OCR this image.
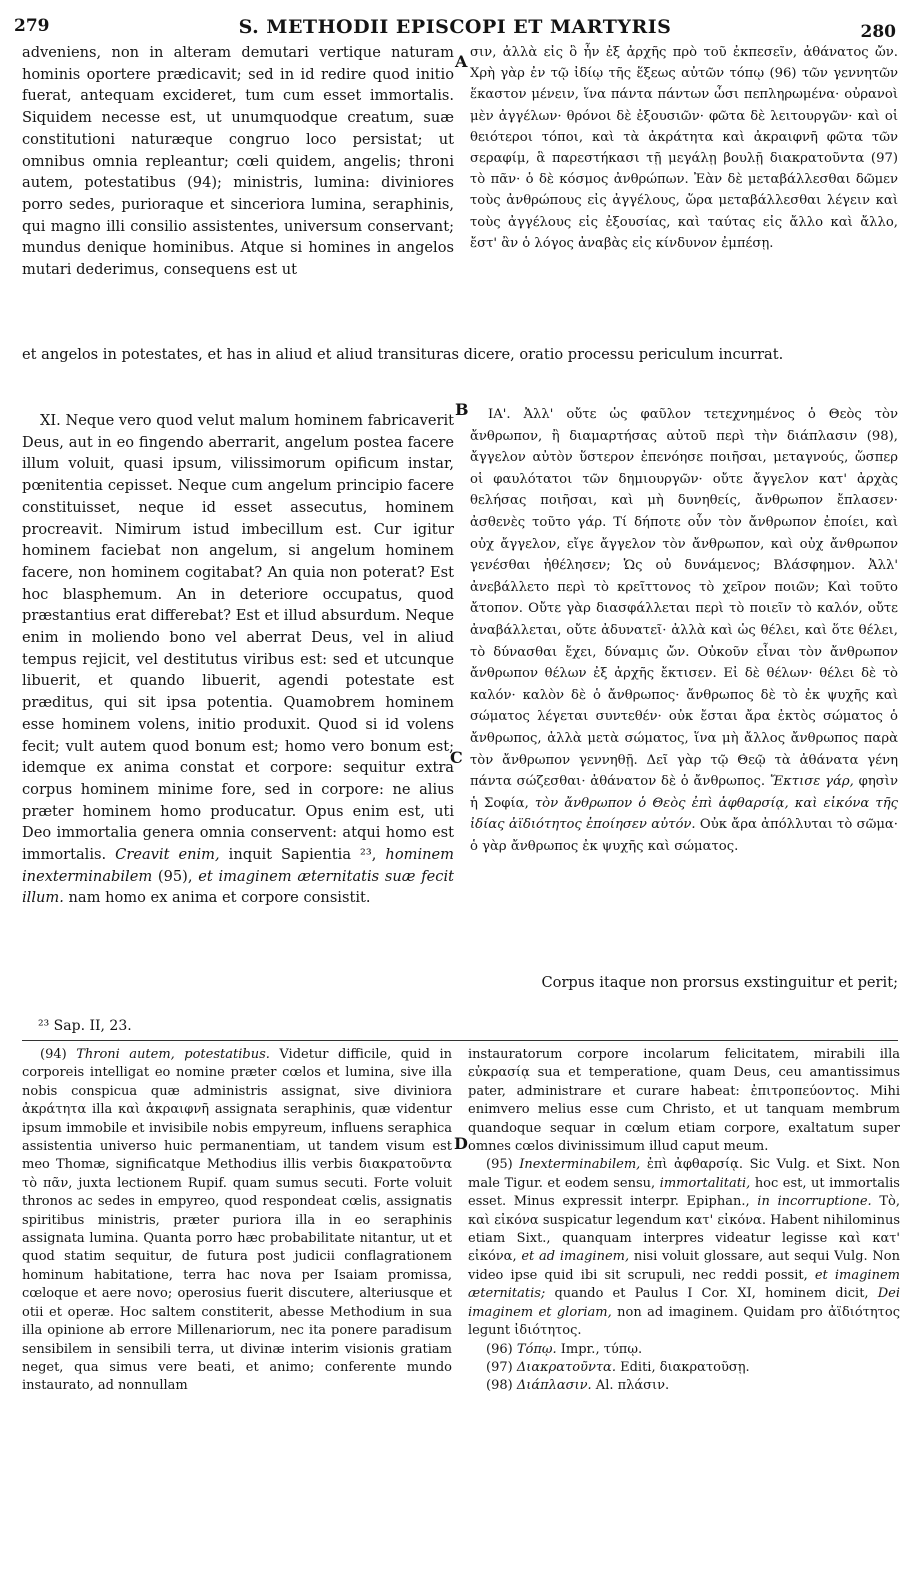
279	S. METHODII EPISCOPI ET MARTYRIS	280

adveniens, non in alteram demutari vertique naturam hominis oportere prædicavit; sed in id redire quod initio fuerat, antequam excideret, tum cum esset immortalis. Siquidem necesse est, ut unumquodque creatum, suæ constitutioni naturæque congruo loco persistat; ut omnibus omnia repleantur; cœli quidem, angelis; throni autem, potestatibus (94); ministris, lumina: diviniores porro sedes, purioraque et sinceriora lumina, seraphinis, qui magno illi consilio assistentes, universum conservant; mundus denique hominibus. Atque si homines in angelos mutari dederimus, consequens est ut

A σιν, ἀλλὰ εἰς ὃ ἦν ἐξ ἀρχῆς πρὸ τοῦ ἐκπεσεῖν, ἀθάνατος ὤν. Χρὴ γὰρ ἐν τῷ ἰδίῳ τῆς ἕξεως αὐτῶν τόπῳ (96) τῶν γεννητῶν ἕκαστον μένειν, ἵνα πάντα πάντων ὦσι πεπληρωμένα· οὐρανοὶ μὲν ἀγγέλων· θρόνοι δὲ ἐξουσιῶν· φῶτα δὲ λειτουργῶν· καὶ οἱ θειότεροι τόποι, καὶ τὰ ἀκράτητα καὶ ἀκραιφνῆ φῶτα τῶν σεραφίμ, ἃ παρεστήκασι τῇ μεγάλῃ βουλῇ διακρατοῦντα (97) τὸ πᾶν· ὁ δὲ κόσμος ἀνθρώπων. Ἐὰν δὲ μεταβάλλεσθαι δῶμεν τοὺς ἀνθρώπους εἰς ἀγγέλους, ὥρα μεταβάλλεσθαι λέγειν καὶ τοὺς ἀγγέλους εἰς ἐξουσίας, καὶ ταύτας εἰς ἄλλο καὶ ἄλλο, ἔστ' ἂν ὁ λόγος ἀναβὰς εἰς κίνδυνον ἐμπέσῃ.

et angelos in potestates, et has in aliud et aliud transituras dicere, oratio processu periculum incurrat.

XI. Neque vero quod velut malum hominem fabricaverit Deus, aut in eo fingendo aberrarit, angelum postea facere illum voluit, quasi ipsum, vilissimorum opificum instar, pœnitentia cepisset. Neque cum angelum principio facere constituisset, neque id esset assecutus, hominem procreavit. Nimirum istud imbecillum est. Cur igitur hominem faciebat non angelum, si angelum hominem facere, non hominem cogitabat? An quia non poterat? Est hoc blasphemum. An in deteriore occupatus, quod præstantius erat differebat? Est et illud absurdum. Neque enim in moliendo bono vel aberrat Deus, vel in aliud tempus rejicit, vel destitutus viribus est: sed et utcunque libuerit, et quando libuerit, agendi potestate est præditus, qui sit ipsa potentia. Quamobrem hominem esse hominem volens, initio produxit. Quod si id volens fecit; vult autem quod bonum est; homo vero bonum est; idemque ex anima constat et corpore: sequitur extra corpus hominem minime fore, sed in corpore: ne alius præter hominem homo producatur. Opus enim est, uti Deo immortalia genera omnia conservent: atqui homo est immortalis. Creavit enim, inquit Sapientia ²³, hominem inexterminabilem (95), et imaginem æternitatis suæ fecit illum. nam homo ex anima et corpore consistit.

B
C

ΙΑ'. Ἀλλ' οὔτε ὡς φαῦλον τετεχνημένος ὁ Θεὸς τὸν ἄνθρωπον, ἢ διαμαρτήσας αὐτοῦ περὶ τὴν διάπλασιν (98), ἄγγελον αὐτὸν ὕστερον ἐπενόησε ποιῆσαι, μεταγνούς, ὥσπερ οἱ φαυλότατοι τῶν δημιουργῶν· οὔτε ἄγγελον κατ' ἀρχὰς θελήσας ποιῆσαι, καὶ μὴ δυνηθείς, ἄνθρωπον ἔπλασεν· ἀσθενὲς τοῦτο γάρ. Τί δήποτε οὖν τὸν ἄνθρωπον ἐποίει, καὶ οὐχ ἄγγελον, εἴγε ἄγγελον τὸν ἄνθρωπον, καὶ οὐχ ἄνθρωπον γενέσθαι ἠθέλησεν; Ὡς οὐ δυνάμενος; Βλάσφημον. Ἀλλ' ἀνεβάλλετο περὶ τὸ κρεῖττονος τὸ χεῖρον ποιῶν; Καὶ τοῦτο ἄτοπον. Οὔτε γὰρ διασφάλλεται περὶ τὸ ποιεῖν τὸ καλόν, οὔτε ἀναβάλλεται, οὔτε ἀδυνατεῖ· ἀλλὰ καὶ ὡς θέλει, καὶ ὅτε θέλει, τὸ δύνασθαι ἔχει, δύναμις ὤν. Οὐκοῦν εἶναι τὸν ἄνθρωπον ἄνθρωπον θέλων ἐξ ἀρχῆς ἔκτισεν. Εἰ δὲ θέλων· θέλει δὲ τὸ καλόν· καλὸν δὲ ὁ ἄνθρωπος· ἄνθρωπος δὲ τὸ ἐκ ψυχῆς καὶ σώματος λέγεται συντεθέν· οὐκ ἔσται ἄρα ἐκτὸς σώματος ὁ ἄνθρωπος, ἀλλὰ μετὰ σώματος, ἵνα μὴ ἄλλος ἄνθρωπος παρὰ τὸν ἄνθρωπον γεννηθῇ. Δεῖ γὰρ τῷ Θεῷ τὰ ἀθάνατα γένη πάντα σώζεσθαι· ἀθάνατον δὲ ὁ ἄνθρωπος. Ἔκτισε γάρ, φησὶν ἡ Σοφία, τὸν ἄνθρωπον ὁ Θεὸς ἐπὶ ἀφθαρσίᾳ, καὶ εἰκόνα τῆς ἰδίας ἀϊδιότητος ἐποίησεν αὐτόν. Οὐκ ἄρα ἀπόλλυται τὸ σῶμα· ὁ γὰρ ἄνθρωπος ἐκ ψυχῆς καὶ σώματος.

Corpus itaque non prorsus exstinguitur et perit;

²³ Sap. II, 23.

(94) Throni autem, potestatibus. Videtur difficile, quid in corporeis intelligat eo nomine præter cœlos et lumina, sive illa nobis conspicua quæ administris assignat, sive diviniora ἀκράτητα illa καὶ ἀκραιφνῆ assignata seraphinis, quæ videntur ipsum immobile et invisibile nobis empyreum, influens seraphica assistentia universo huic permanentiam, ut tandem visum est meo Thomæ, significatque Methodius illis verbis διακρατοῦντα τὸ πᾶν, juxta lectionem Rupif. quam sumus secuti. Forte voluit thronos ac sedes in empyreo, quod respondeat cœlis, assignatis spiritibus ministris, præter puriora illa in eo seraphinis assignata lumina. Quanta porro hæc probabilitate nitantur, ut et quod statim sequitur, de futura post judicii conflagrationem hominum habitatione, terra hac nova per Isaiam promissa, cœloque et aere novo; operosius fuerit discutere, alteriusque et otii et operæ. Hoc saltem constiterit, abesse Methodium in sua illa opinione ab errore Millenariorum, nec ita ponere paradisum sensibilem in sensibili terra, ut divinæ interim visionis gratiam neget, qua simus vere beati, et animo; conferente mundo instaurato, ad nonnullam

D

instauratorum corpore incolarum felicitatem, mirabili illa εὐκρασίᾳ sua et temperatione, quam Deus, ceu amantissimus pater, administrare et curare habeat: ἐπιτροπεύοντος. Mihi enimvero melius esse cum Christo, et ut tanquam membrum quandoque sequar in cœlum etiam corpore, exaltatum super omnes cœlos divinissimum illud caput meum.
(95) Inexterminabilem, ἐπὶ ἀφθαρσίᾳ. Sic Vulg. et Sixt. Non male Tigur. et eodem sensu, immortalitati, hoc est, ut immortalis esset. Minus expressit interpr. Epiphan., in incorruptione. Τὸ, καὶ εἰκόνα suspicatur legendum κατ' εἰκόνα. Habent nihilominus etiam Sixt., quanquam interpres videatur legisse καὶ κατ' εἰκόνα, et ad imaginem, nisi voluit glossare, aut sequi Vulg. Non video ipse quid ibi sit scrupuli, nec reddi possit, et imaginem æternitatis; quando et Paulus I Cor. XI, hominem dicit, Dei imaginem et gloriam, non ad imaginem. Quidam pro ἀϊδιότητος legunt ἰδιότητος.

(96) Τόπῳ. Impr., τύπῳ.

(97) Διακρατοῦντα. Editi, διακρατοῦσῃ.

(98) Διάπλασιν. Al. πλάσιν.
